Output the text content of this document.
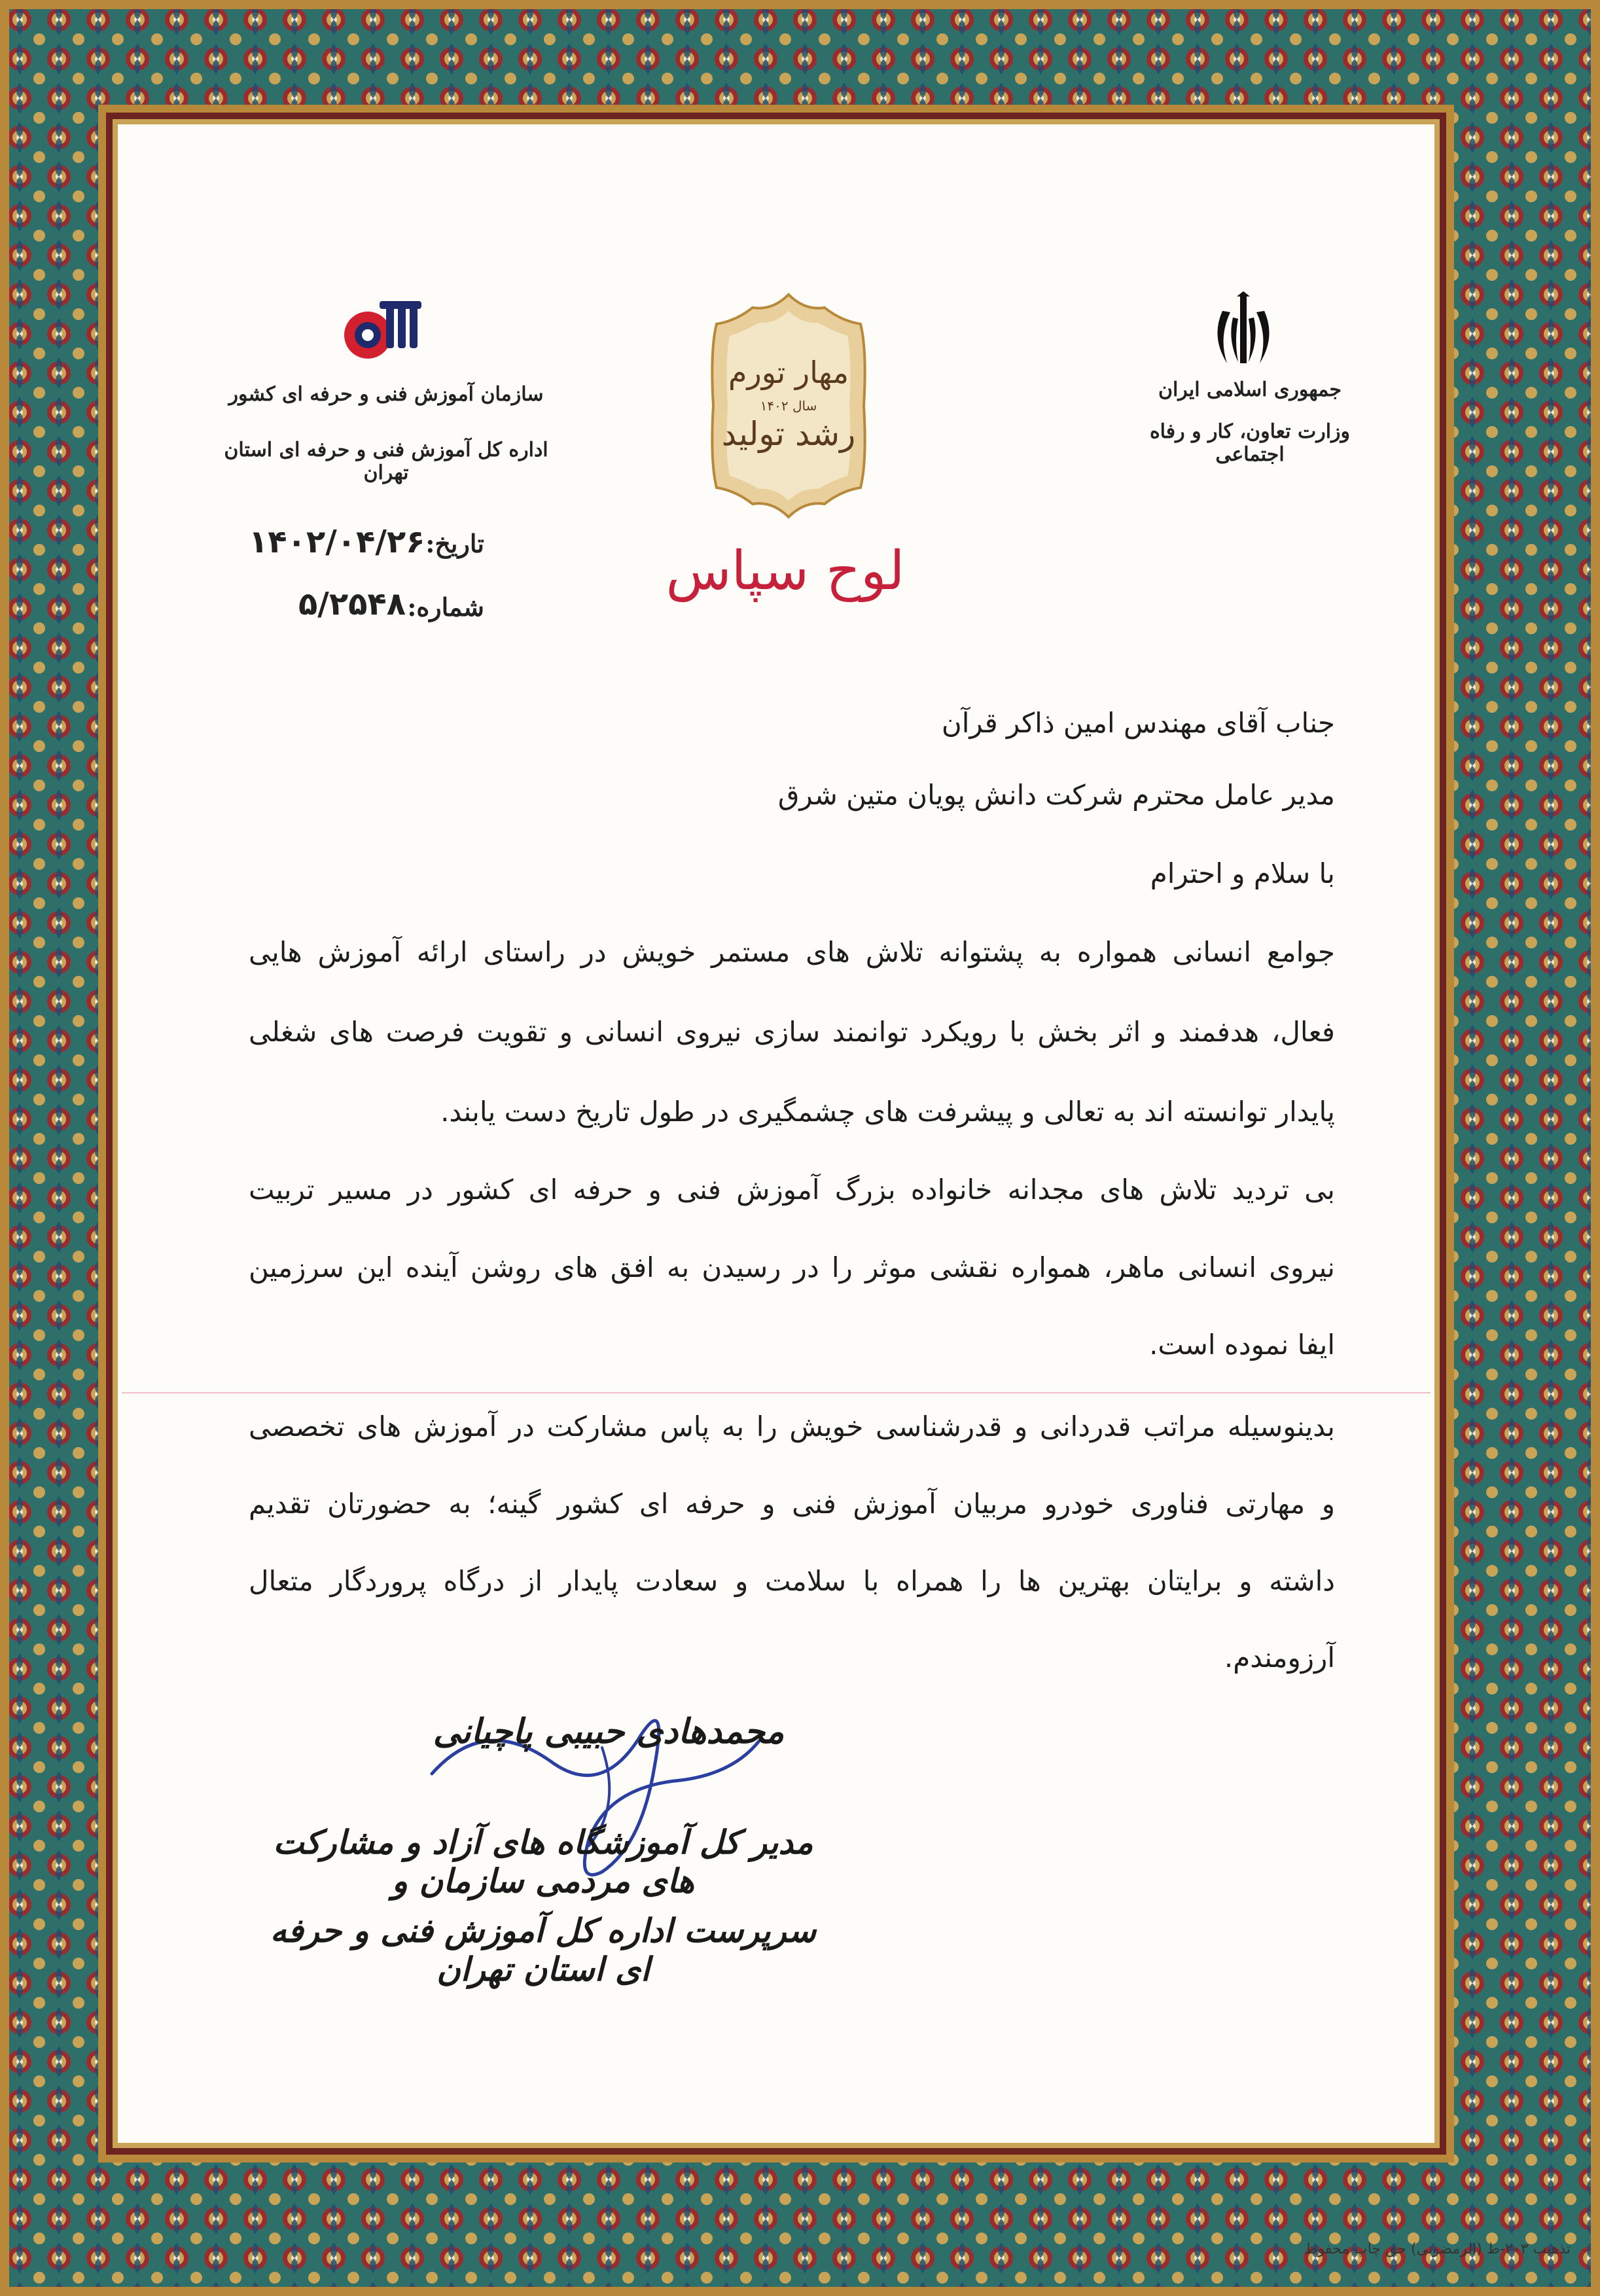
جمهوری اسلامی ایران
وزارت تعاون، کار و رفاه اجتماعی
سازمان آموزش فنی و حرفه ای کشور
اداره کل آموزش فنی و حرفه ای استان تهران
مهار تورم
رشد تولید
سال ۱۴۰۲
لوح سپاس
تاریخ:
۱۴۰۲/۰۴/۲۶
شماره:
۵/۲۵۴۸
جناب آقای مهندس امین ذاکر قرآن
مدیر عامل محترم شرکت دانش پویان متین شرق
با سلام و احترام
جوامع انسانی همواره به پشتوانه تلاش های مستمر خویش در راستای ارائه آموزش هایی
فعال، هدفمند و اثر بخش با رویکرد توانمند سازی نیروی انسانی و تقویت فرصت های شغلی
پایدار توانسته اند به تعالی و پیشرفت های چشمگیری در طول تاریخ دست یابند.
بی تردید تلاش های مجدانه خانواده بزرگ آموزش فنی و حرفه ای کشور در مسیر تربیت
نیروی انسانی ماهر، همواره نقشی موثر را در رسیدن به افق های روشن آینده این سرزمین
ایفا نموده است.
بدینوسیله مراتب قدردانی و قدرشناسی خویش را به پاس مشارکت در آموزش های تخصصی
و مهارتی فناوری خودرو مربیان آموزش فنی و حرفه ای کشور گینه؛ به حضورتان تقدیم
داشته و برایتان بهترین ها را همراه با سلامت و سعادت پایدار از درگاه پروردگار متعال
آرزومندم.
محمدهادی حبیبی پاچیانی
مدیر کل آموزشگاه های آزاد و مشارکت های مردمی سازمان و
سرپرست اداره کل آموزش فنی و حرفه ای استان تهران
تذهیب ۲۰۳-ط (الرمضونی) حق چاپ محفوظ
